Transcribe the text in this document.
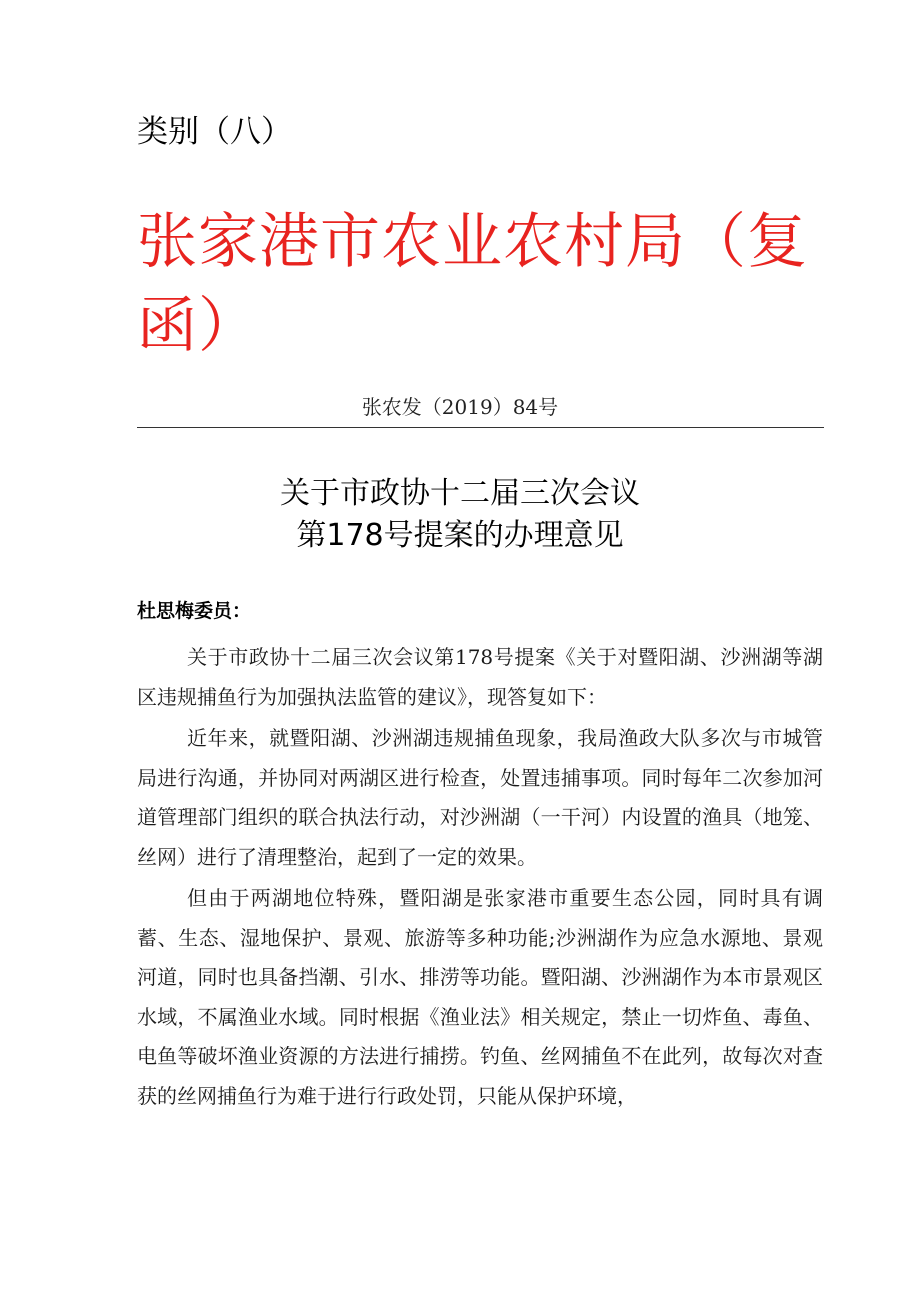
类别（八）
张家港市农业农村局（复函）
张农发（2019）84号
关于市政协十二届三次会议
第178号提案的办理意见
杜思梅委员：

关于市政协十二届三次会议第178号提案《关于对暨阳湖、沙洲湖等湖区违规捕鱼行为加强执法监管的建议》，现答复如下：

近年来，就暨阳湖、沙洲湖违规捕鱼现象，我局渔政大队多次与市城管局进行沟通，并协同对两湖区进行检查，处置违捕事项。同时每年二次参加河道管理部门组织的联合执法行动，对沙洲湖（一干河）内设置的渔具（地笼、丝网）进行了清理整治，起到了一定的效果。

但由于两湖地位特殊，暨阳湖是张家港市重要生态公园，同时具有调蓄、生态、湿地保护、景观、旅游等多种功能;沙洲湖作为应急水源地、景观河道，同时也具备挡潮、引水、排涝等功能。暨阳湖、沙洲湖作为本市景观区水域，不属渔业水域。同时根据《渔业法》相关规定，禁止一切炸鱼、毒鱼、电鱼等破坏渔业资源的方法进行捕捞。钓鱼、丝网捕鱼不在此列，故每次对查获的丝网捕鱼行为难于进行行政处罚，只能从保护环境，
